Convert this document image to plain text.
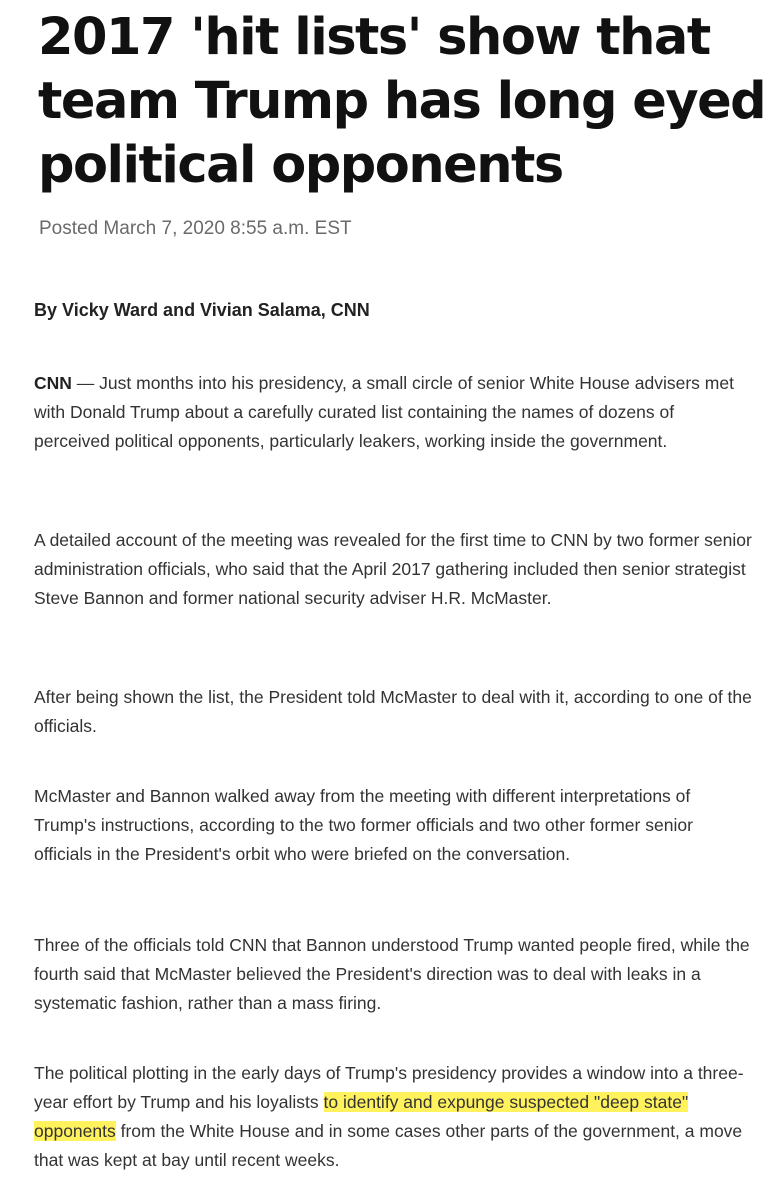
2017 'hit lists' show that team Trump has long eyed political opponents
Posted March 7, 2020 8:55 a.m. EST
By Vicky Ward and Vivian Salama, CNN

CNN — Just months into his presidency, a small circle of senior White House advisers met with Donald Trump about a carefully curated list containing the names of dozens of perceived political opponents, particularly leakers, working inside the government.

A detailed account of the meeting was revealed for the first time to CNN by two former senior administration officials, who said that the April 2017 gathering included then senior strategist Steve Bannon and former national security adviser H.R. McMaster.

After being shown the list, the President told McMaster to deal with it, according to one of the officials.

McMaster and Bannon walked away from the meeting with different interpretations of Trump's instructions, according to the two former officials and two other former senior officials in the President's orbit who were briefed on the conversation.

Three of the officials told CNN that Bannon understood Trump wanted people fired, while the fourth said that McMaster believed the President's direction was to deal with leaks in a systematic fashion, rather than a mass firing.

The political plotting in the early days of Trump's presidency provides a window into a three-year effort by Trump and his loyalists to identify and expunge suspected "deep state" opponents from the White House and in some cases other parts of the government, a move that was kept at bay until recent weeks.
